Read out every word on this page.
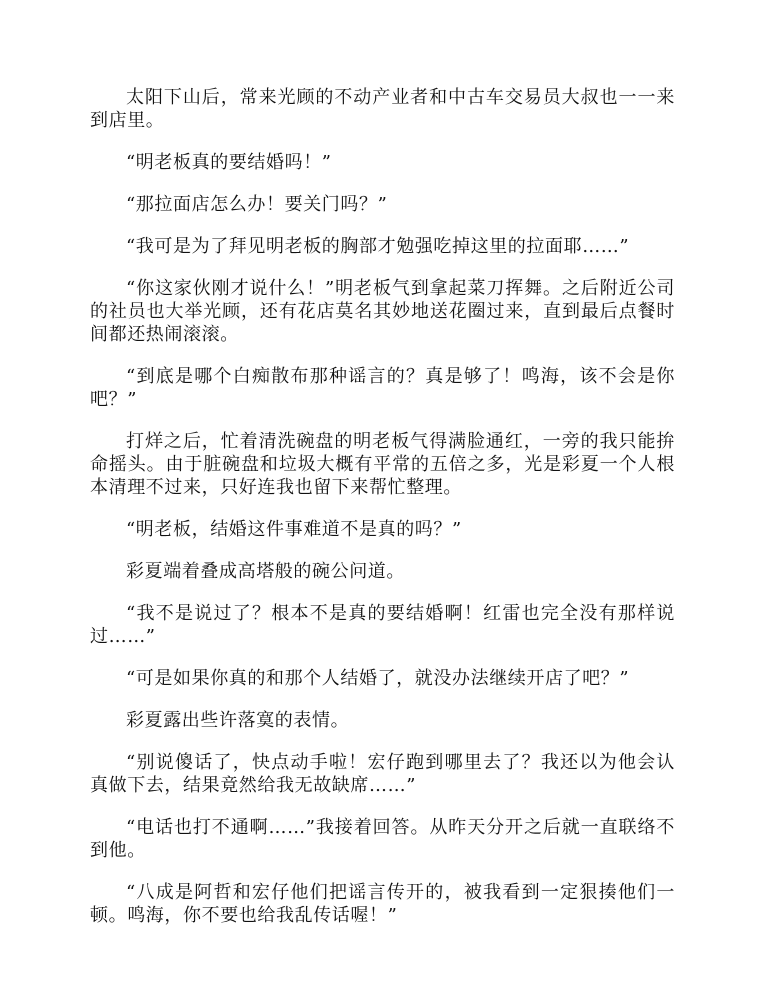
太阳下山后，常来光顾的不动产业者和中古车交易员大叔也一一来到店里。

“明老板真的要结婚吗！”

“那拉面店怎么办！要关门吗？”

“我可是为了拜见明老板的胸部才勉强吃掉这里的拉面耶……”

“你这家伙刚才说什么！”明老板气到拿起菜刀挥舞。之后附近公司的社员也大举光顾，还有花店莫名其妙地送花圈过来，直到最后点餐时间都还热闹滚滚。

“到底是哪个白痴散布那种谣言的？真是够了！鸣海，该不会是你吧？”

打烊之后，忙着清洗碗盘的明老板气得满脸通红，一旁的我只能拚命摇头。由于脏碗盘和垃圾大概有平常的五倍之多，光是彩夏一个人根本清理不过来，只好连我也留下来帮忙整理。

“明老板，结婚这件事难道不是真的吗？”

彩夏端着叠成高塔般的碗公问道。

“我不是说过了？根本不是真的要结婚啊！红雷也完全没有那样说过……”

“可是如果你真的和那个人结婚了，就没办法继续开店了吧？”

彩夏露出些许落寞的表情。

“别说傻话了，快点动手啦！宏仔跑到哪里去了？我还以为他会认真做下去，结果竟然给我无故缺席……”

“电话也打不通啊……”我接着回答。从昨天分开之后就一直联络不到他。

“八成是阿哲和宏仔他们把谣言传开的，被我看到一定狠揍他们一顿。鸣海，你不要也给我乱传话喔！”
